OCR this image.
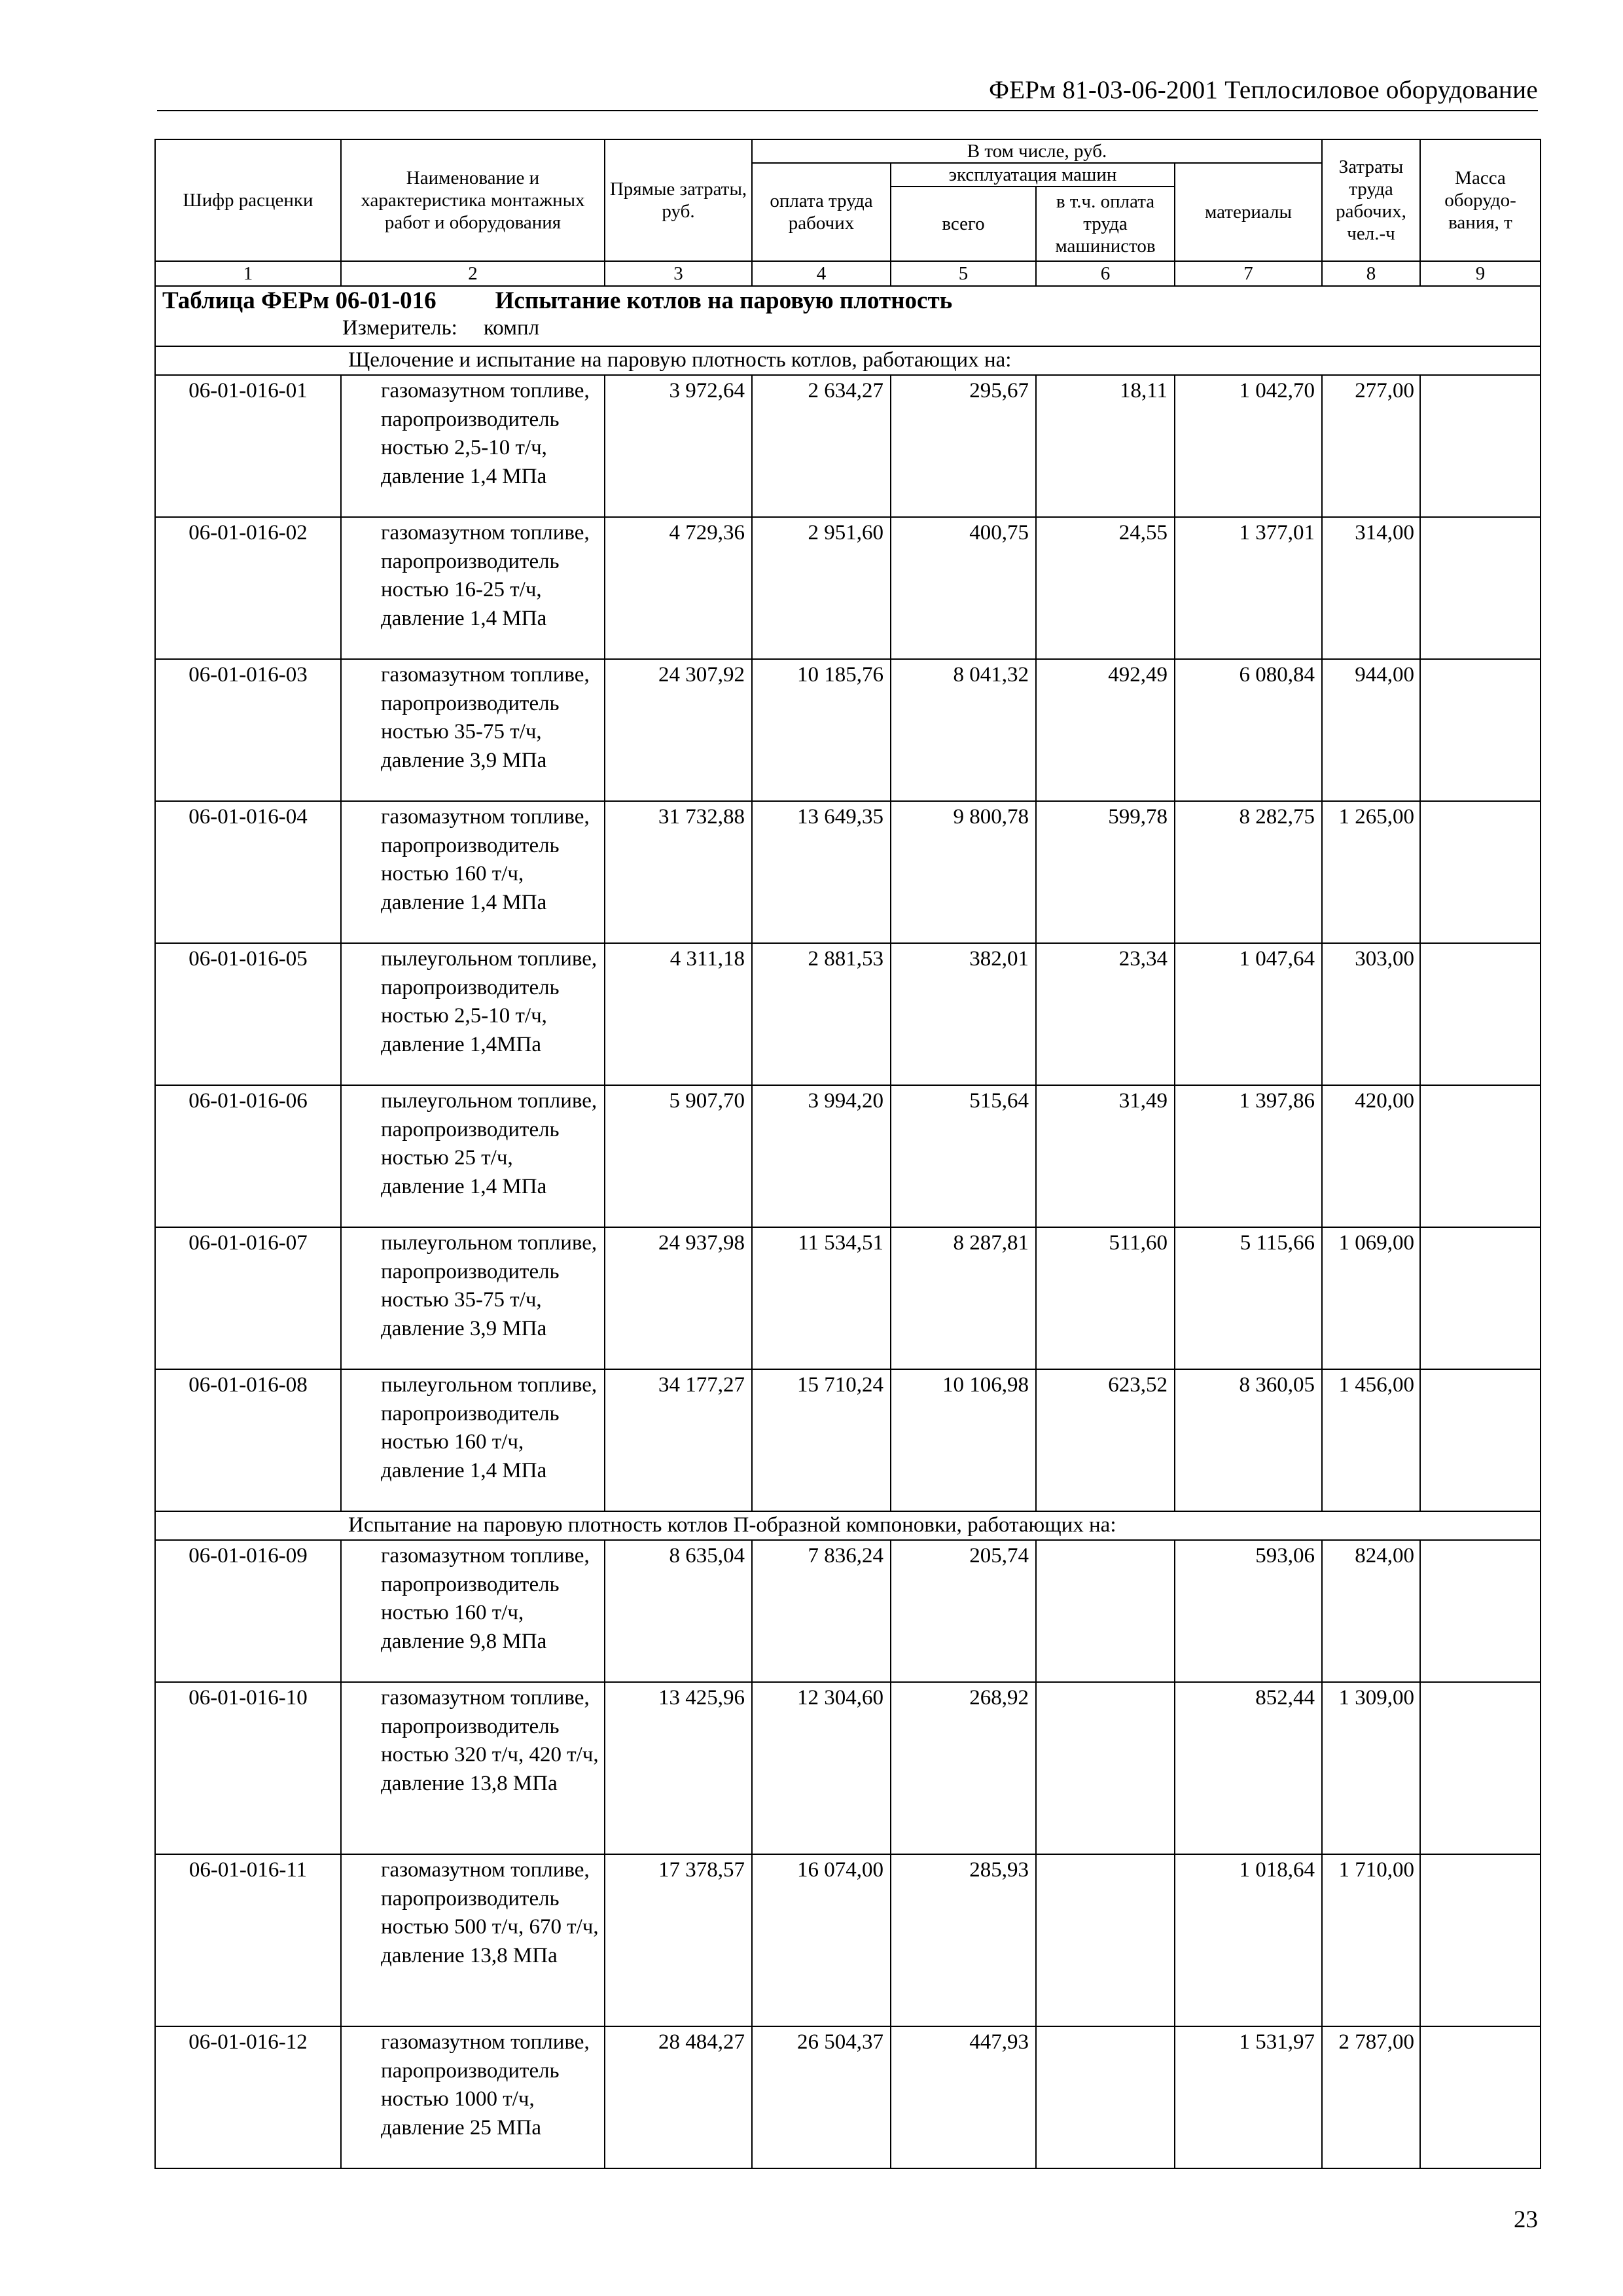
ФЕРм 81-03-06-2001 Теплосиловое оборудование
Шифр расценки	Наименование и характеристика монтажных работ и оборудования	Прямые затраты, руб.	В том числе, руб.				Затраты труда рабочих, чел.-ч	Масса оборудо-вания, т
			оплата труда рабочих	эксплуатация машин		материалы		
				всего	в т.ч. оплата труда машинистов			
1	2	3	4	5	6	7	8	9
Таблица ФЕРм 06-01-016 Испытание котлов на паровую плотность
Измеритель: компл								
Щелочение и испытание на паровую плотность котлов, работающих на:								
06-01-016-01	газомазутном топливе, паропроизводитель ностью 2,5-10 т/ч, давление 1,4 МПа	3 972,64	2 634,27	295,67	18,11	1 042,70	277,00	
06-01-016-02	газомазутном топливе, паропроизводитель ностью 16-25 т/ч, давление 1,4 МПа	4 729,36	2 951,60	400,75	24,55	1 377,01	314,00	
06-01-016-03	газомазутном топливе, паропроизводитель ностью 35-75 т/ч, давление 3,9 МПа	24 307,92	10 185,76	8 041,32	492,49	6 080,84	944,00	
06-01-016-04	газомазутном топливе, паропроизводитель ностью 160 т/ч, давление 1,4 МПа	31 732,88	13 649,35	9 800,78	599,78	8 282,75	1 265,00	
06-01-016-05	пылеугольном топливе, паропроизводитель ностью 2,5-10 т/ч, давление 1,4МПа	4 311,18	2 881,53	382,01	23,34	1 047,64	303,00	
06-01-016-06	пылеугольном топливе, паропроизводитель ностью 25 т/ч, давление 1,4 МПа	5 907,70	3 994,20	515,64	31,49	1 397,86	420,00	
06-01-016-07	пылеугольном топливе, паропроизводитель ностью 35-75 т/ч, давление 3,9 МПа	24 937,98	11 534,51	8 287,81	511,60	5 115,66	1 069,00	
06-01-016-08	пылеугольном топливе, паропроизводитель ностью 160 т/ч, давление 1,4 МПа	34 177,27	15 710,24	10 106,98	623,52	8 360,05	1 456,00	
Испытание на паровую плотность котлов П-образной компоновки, работающих на:								
06-01-016-09	газомазутном топливе, паропроизводитель ностью 160 т/ч, давление 9,8 МПа	8 635,04	7 836,24	205,74		593,06	824,00	
06-01-016-10	газомазутном топливе, паропроизводитель ностью 320 т/ч, 420 т/ч, давление 13,8 МПа	13 425,96	12 304,60	268,92		852,44	1 309,00	
06-01-016-11	газомазутном топливе, паропроизводитель ностью 500 т/ч, 670 т/ч, давление 13,8 МПа	17 378,57	16 074,00	285,93		1 018,64	1 710,00	
06-01-016-12	газомазутном топливе, паропроизводитель ностью 1000 т/ч, давление 25 МПа	28 484,27	26 504,37	447,93		1 531,97	2 787,00	
23
